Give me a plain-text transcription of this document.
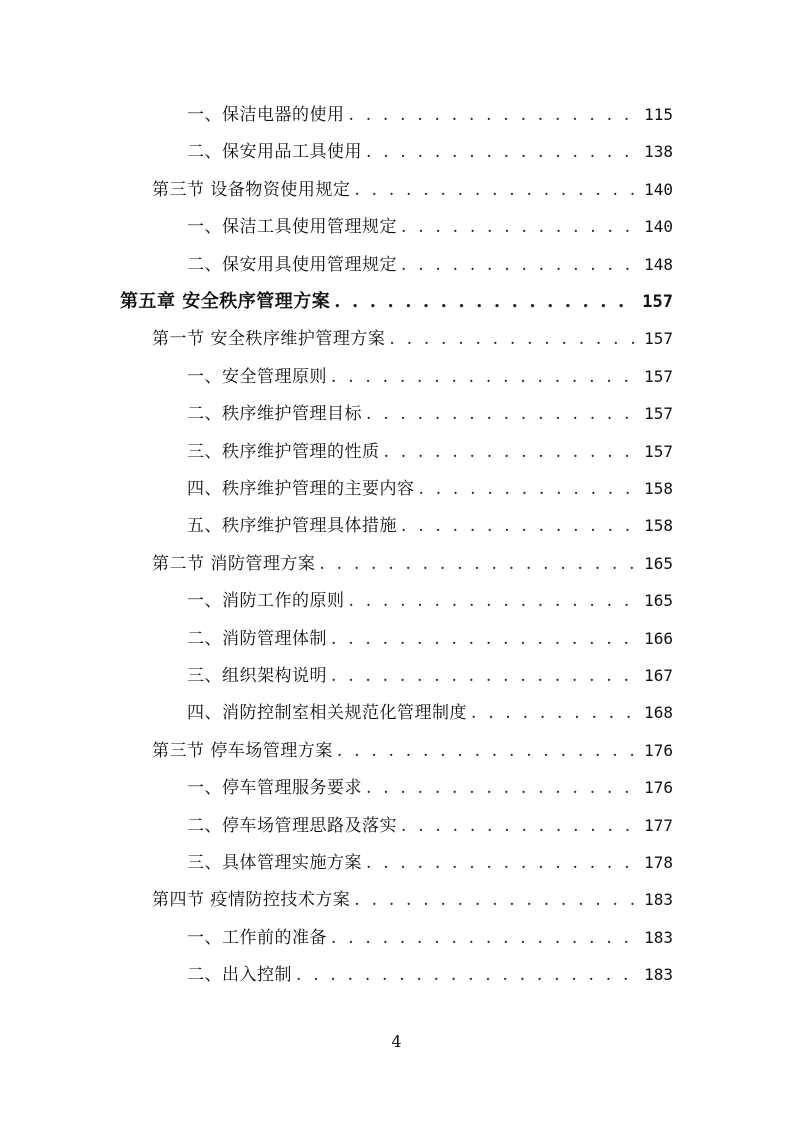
一、保洁电器的使用 . . .	115
二、保安用品工具使用 . . .	138
第三节 设备物资使用规定 . . .	140
一、保洁工具使用管理规定 . . .	140
二、保安用具使用管理规定 . . .	148
第五章 安全秩序管理方案 . . .	157
第一节 安全秩序维护管理方案 . . .	157
一、安全管理原则 . . .	157
二、秩序维护管理目标 . . .	157
三、秩序维护管理的性质 . . .	157
四、秩序维护管理的主要内容 . . .	158
五、秩序维护管理具体措施 . . .	158
第二节 消防管理方案 . . .	165
一、消防工作的原则 . . .	165
二、消防管理体制 . . .	166
三、组织架构说明 . . .	167
四、消防控制室相关规范化管理制度 . . .	168
第三节 停车场管理方案 . . .	176
一、停车管理服务要求 . . .	176
二、停车场管理思路及落实 . . .	177
三、具体管理实施方案 . . .	178
第四节 疫情防控技术方案 . . .	183
一、工作前的准备 . . .	183
二、出入控制 . . .	183
4
